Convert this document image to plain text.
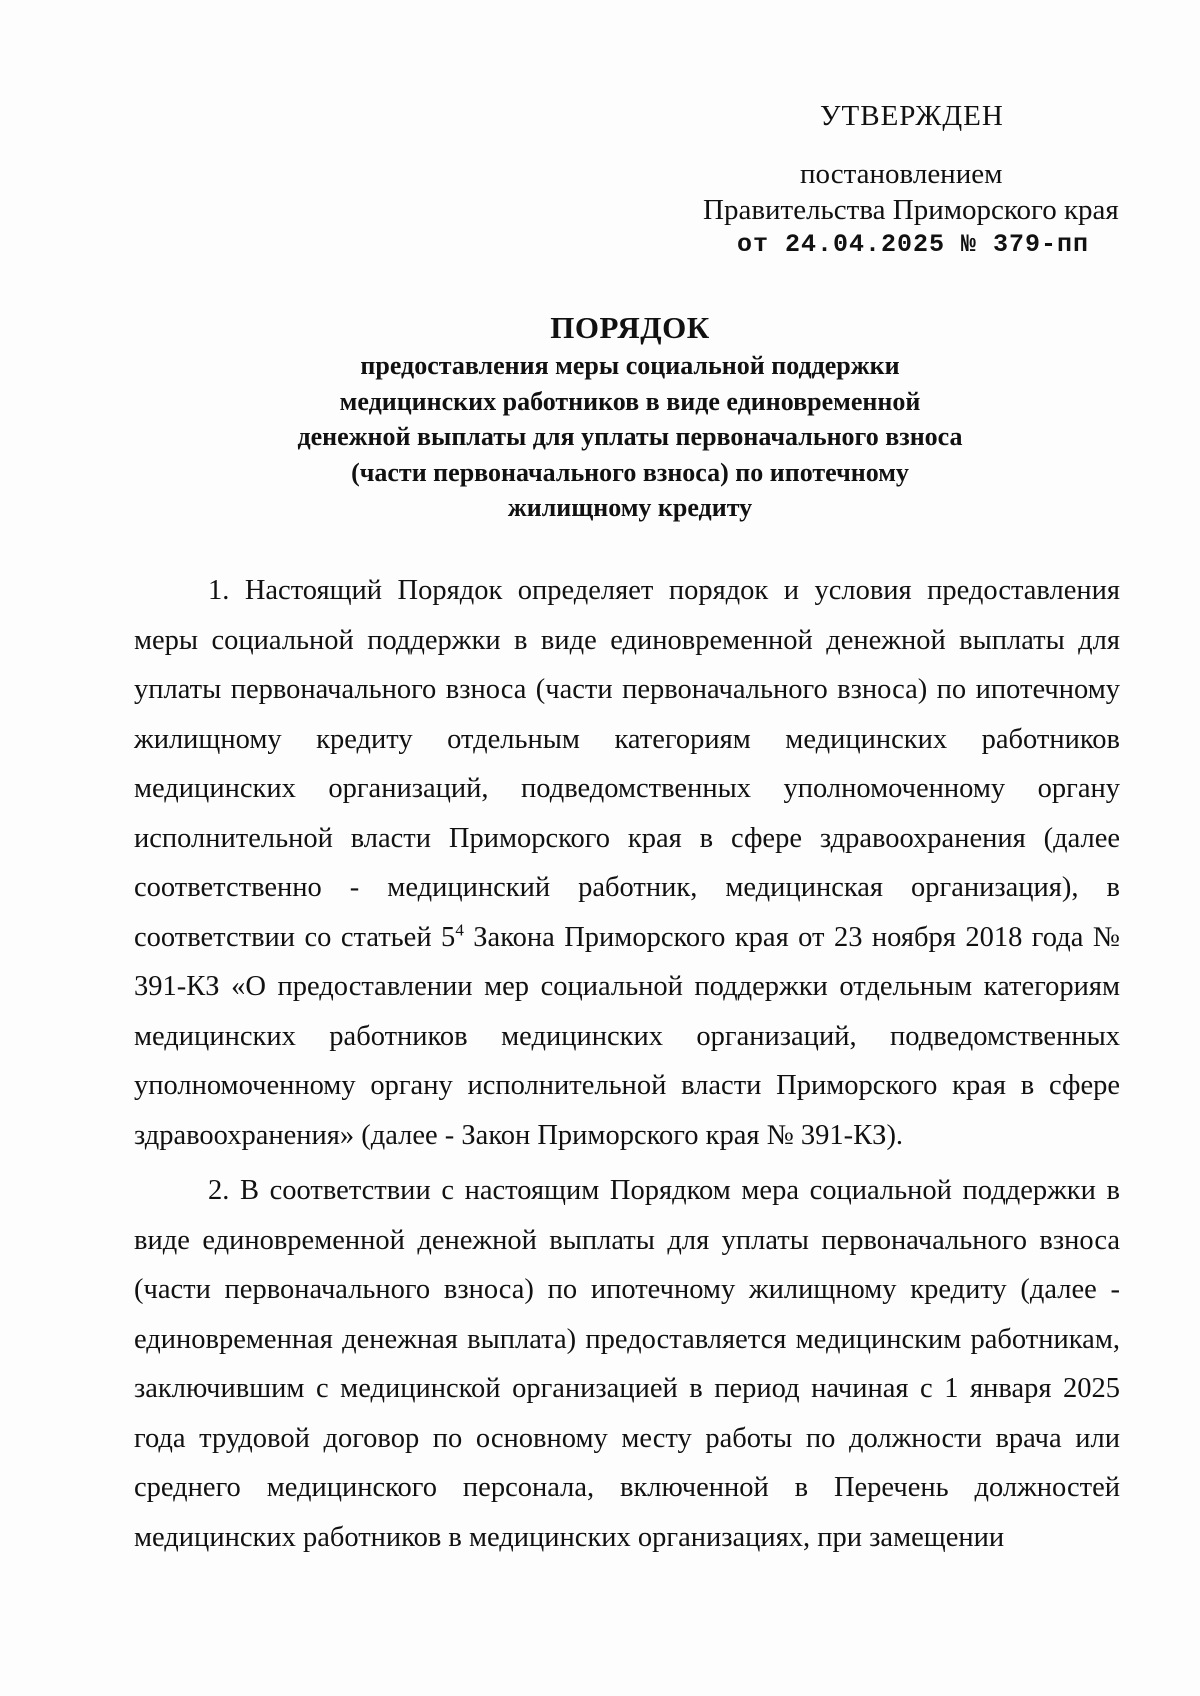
УТВЕРЖДЕН
постановлением
Правительства Приморского края
от 24.04.2025 № 379-пп
ПОРЯДОК
предоставления меры социальной поддержки
медицинских работников в виде единовременной
денежной выплаты для уплаты первоначального взноса
(части первоначального взноса) по ипотечному
жилищному кредиту

1. Настоящий Порядок определяет порядок и условия предоставления меры социальной поддержки в виде единовременной денежной выплаты для уплаты первоначального взноса (части первоначального взноса) по ипотечному жилищному кредиту отдельным категориям медицинских работников медицинских организаций, подведомственных уполномоченному органу исполнительной власти Приморского края в сфере здравоохранения (далее соответственно - медицинский работник, медицинская организация), в соответствии со статьей 5$^4$ Закона Приморского края от 23 ноября 2018 года № 391-КЗ «О предоставлении мер социальной поддержки отдельным категориям медицинских работников медицинских организаций, подведомственных уполномоченному органу исполнительной власти Приморского края в сфере здравоохранения» (далее - Закон Приморского края № 391-КЗ).

2. В соответствии с настоящим Порядком мера социальной поддержки в виде единовременной денежной выплаты для уплаты первоначального взноса (части первоначального взноса) по ипотечному жилищному кредиту (далее - единовременная денежная выплата) предоставляется медицинским работникам, заключившим с медицинской организацией в период начиная с 1 января 2025 года трудовой договор по основному месту работы по должности врача или среднего медицинского персонала, включенной в Перечень должностей медицинских работников в медицинских организациях, при замещении
